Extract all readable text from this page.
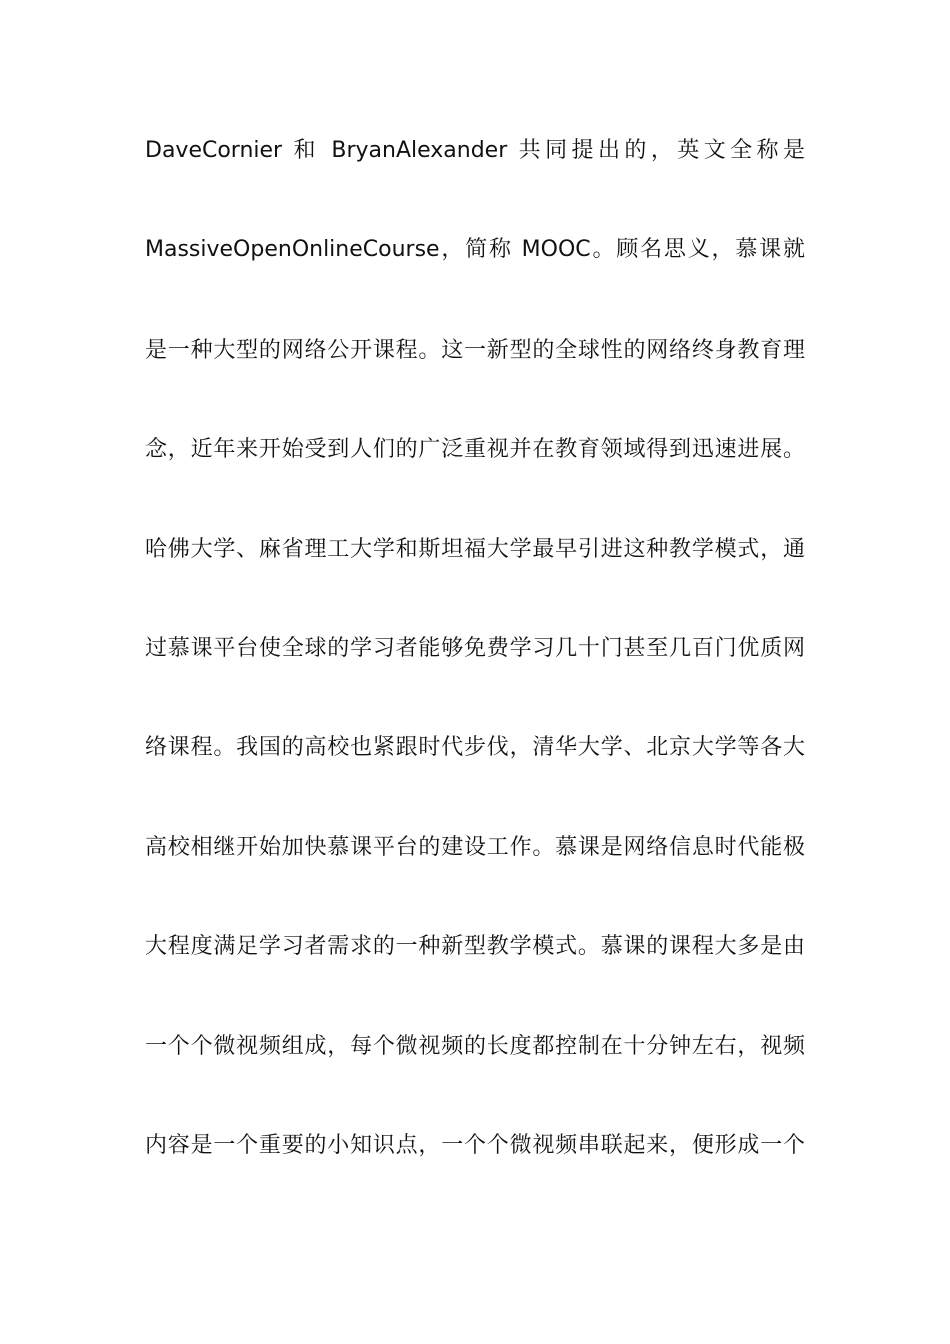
DaveCornier 和 BryanAlexander 共同提出的，英文全称是
MassiveOpenOnlineCourse，简称 MOOC。顾名思义，慕课就
是一种大型的网络公开课程。这一新型的全球性的网络终身教育理
念，近年来开始受到人们的广泛重视并在教育领域得到迅速进展。
哈佛大学、麻省理工大学和斯坦福大学最早引进这种教学模式，通
过慕课平台使全球的学习者能够免费学习几十门甚至几百门优质网
络课程。我国的高校也紧跟时代步伐，清华大学、北京大学等各大
高校相继开始加快慕课平台的建设工作。慕课是网络信息时代能极
大程度满足学习者需求的一种新型教学模式。慕课的课程大多是由
一个个微视频组成，每个微视频的长度都控制在十分钟左右，视频
内容是一个重要的小知识点，一个个微视频串联起来，便形成一个
